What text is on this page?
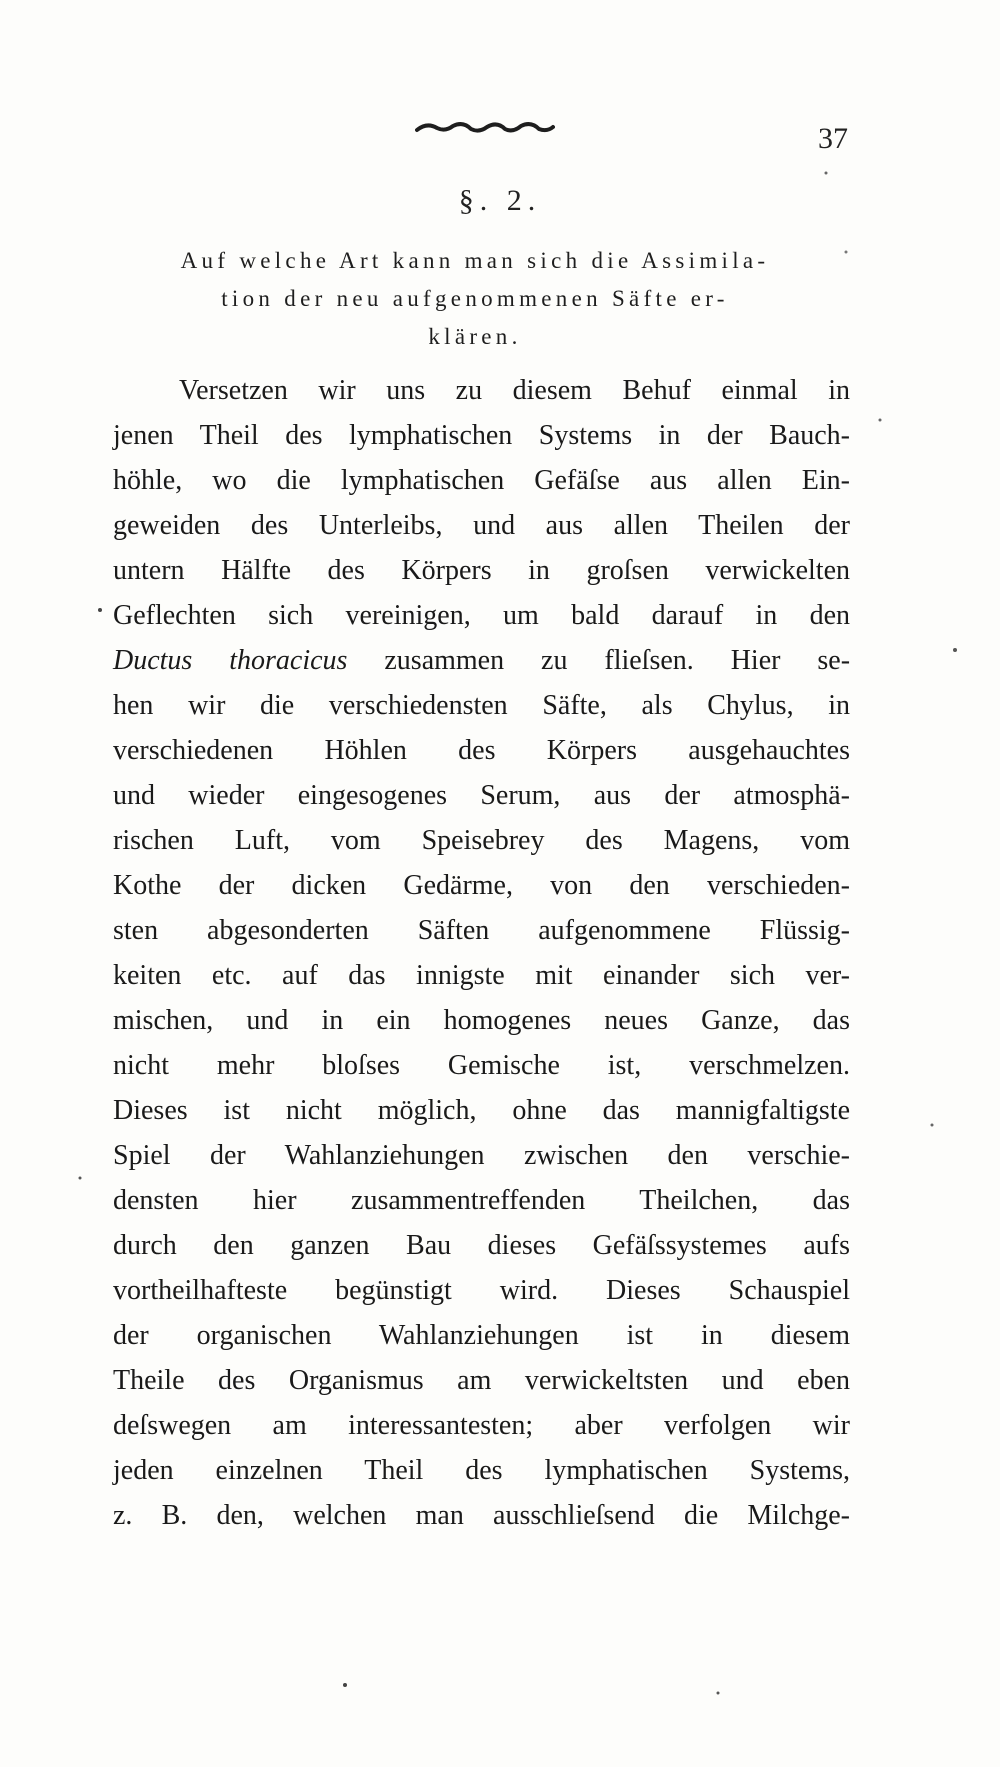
37
§. 2.
Auf welche Art kann man sich die Assimila-
tion der neu aufgenommenen Säfte er-
klären.
Versetzen wir uns zu diesem Behuf einmal in
jenen Theil des lymphatischen Systems in der Bauch-
höhle, wo die lymphatischen Gefäſse aus allen Ein-
geweiden des Unterleibs, und aus allen Theilen der
untern Hälfte des Körpers in groſsen verwickelten
Geflechten sich vereinigen, um bald darauf in den
Ductus thoracicus zusammen zu flieſsen. Hier se-
hen wir die verschiedensten Säfte, als Chylus, in
verschiedenen Höhlen des Körpers ausgehauchtes
und wieder eingesogenes Serum, aus der atmosphä-
rischen Luft, vom Speisebrey des Magens, vom
Kothe der dicken Gedärme, von den verschieden-
sten abgesonderten Säften aufgenommene Flüssig-
keiten etc. auf das innigste mit einander sich ver-
mischen, und in ein homogenes neues Ganze, das
nicht mehr bloſses Gemische ist, verschmelzen.
Dieses ist nicht möglich, ohne das mannigfaltigste
Spiel der Wahlanziehungen zwischen den verschie-
densten hier zusammentreffenden Theilchen, das
durch den ganzen Bau dieses Gefäſssystemes aufs
vortheilhafteste begünstigt wird. Dieses Schauspiel
der organischen Wahlanziehungen ist in diesem
Theile des Organismus am verwickeltsten und eben
deſswegen am interessantesten; aber verfolgen wir
jeden einzelnen Theil des lymphatischen Systems,
z. B. den, welchen man ausschlieſsend die Milchge-
